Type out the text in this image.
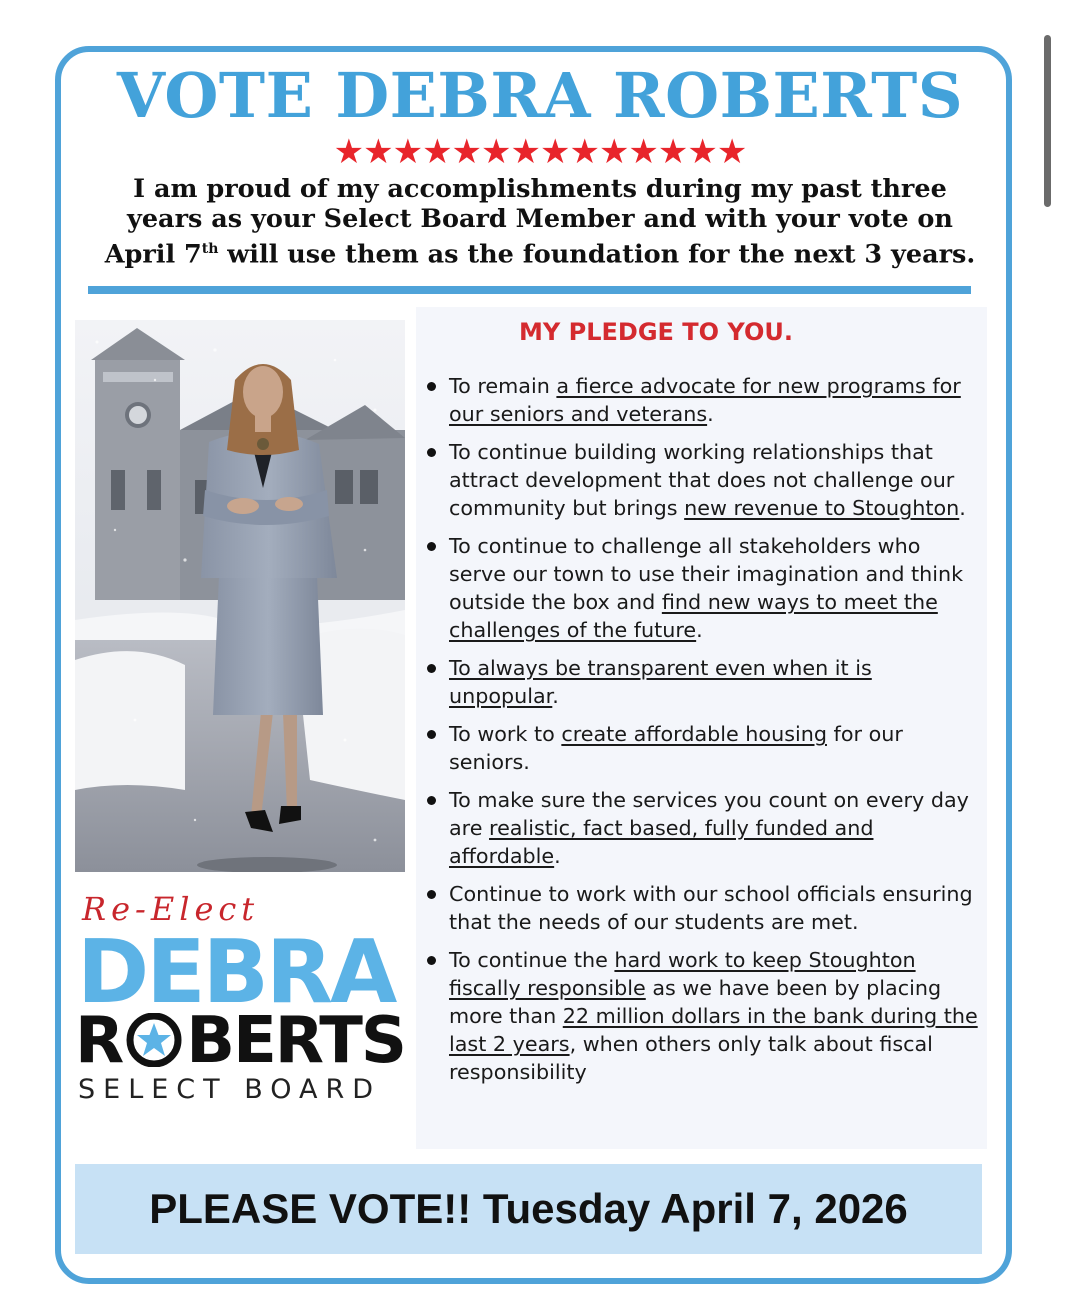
VOTE DEBRA ROBERTS
★★★★★★★★★★★★★★
I am proud of my accomplishments during my past three
years as your Select Board Member and with your vote on
April 7th will use them as the foundation for the next 3 years.
Re-Elect
DEBRA
R BERTS
SELECT BOARD
MY PLEDGE TO YOU.
To remain a fierce advocate for new programs for our seniors and veterans.
To continue building working relationships that attract development that does not challenge our community but brings new revenue to Stoughton.
To continue to challenge all stakeholders who serve our town to use their imagination and think outside the box and find new ways to meet the challenges of the future.
To always be transparent even when it is unpopular.
To work to create affordable housing for our seniors.
To make sure the services you count on every day are realistic, fact based, fully funded and affordable.
Continue to work with our school officials ensuring that the needs of our students are met.
To continue the hard work to keep Stoughton fiscally responsible as we have been by placing more than 22 million dollars in the bank during the last 2 years, when others only talk about fiscal responsibility
PLEASE VOTE!! Tuesday April 7, 2026
